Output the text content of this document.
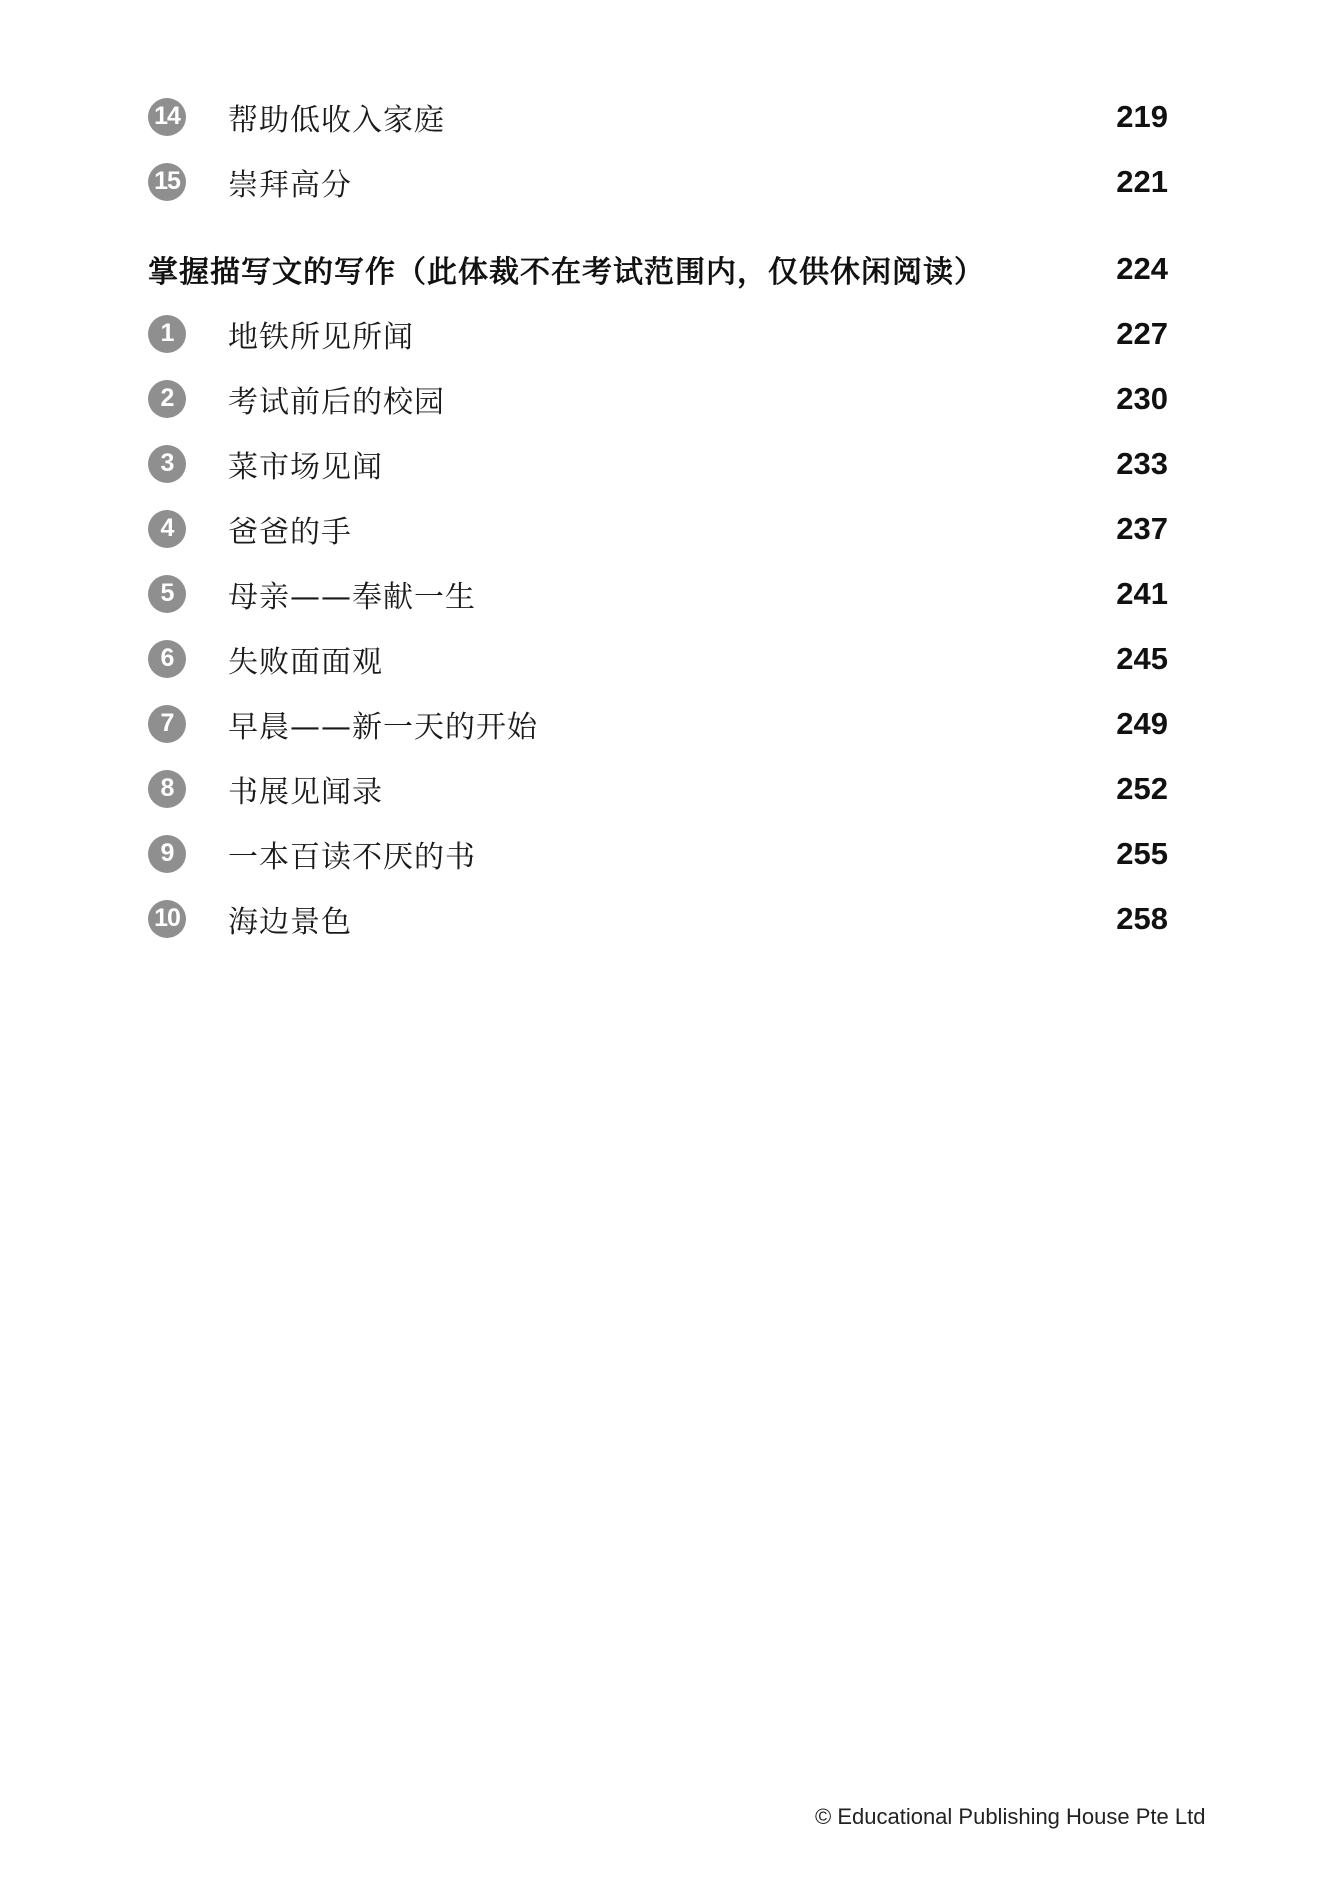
14 帮助低收入家庭	219
15 崇拜高分	221
掌握描写文的写作（此体裁不在考试范围内，仅供休闲阅读）	224
1	地铁所见所闻	227
2	考试前后的校园	230
3	菜市场见闻	233
4	爸爸的手	237
5	母亲——奉献一生	241
6	失败面面观	245
7	早晨——新一天的开始	249
8	书展见闻录	252
9	一本百读不厌的书	255
10 海边景色	258
© Educational Publishing House Pte Ltd
